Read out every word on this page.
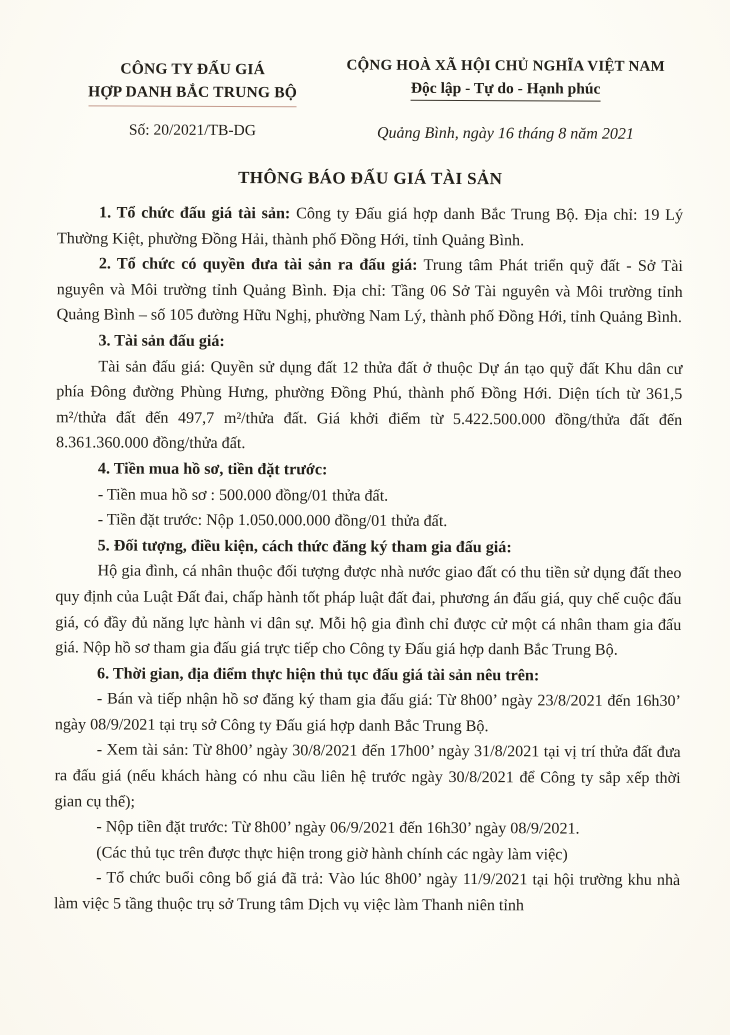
CÔNG TY ĐẤU GIÁ
HỢP DANH BẮC TRUNG BỘ
Số: 20/2021/TB-DG
CỘNG HOÀ XÃ HỘI CHỦ NGHĨA VIỆT NAM
Độc lập - Tự do - Hạnh phúc
Quảng Bình, ngày 16 tháng 8 năm 2021
THÔNG BÁO ĐẤU GIÁ TÀI SẢN

1. Tổ chức đấu giá tài sản: Công ty Đấu giá hợp danh Bắc Trung Bộ. Địa chỉ: 19 Lý Thường Kiệt, phường Đồng Hải, thành phố Đồng Hới, tỉnh Quảng Bình.

2. Tổ chức có quyền đưa tài sản ra đấu giá: Trung tâm Phát triển quỹ đất - Sở Tài nguyên và Môi trường tỉnh Quảng Bình. Địa chỉ: Tầng 06 Sở Tài nguyên và Môi trường tỉnh Quảng Bình – số 105 đường Hữu Nghị, phường Nam Lý, thành phố Đồng Hới, tỉnh Quảng Bình.

3. Tài sản đấu giá:

Tài sản đấu giá: Quyền sử dụng đất 12 thửa đất ở thuộc Dự án tạo quỹ đất Khu dân cư phía Đông đường Phùng Hưng, phường Đồng Phú, thành phố Đồng Hới. Diện tích từ 361,5 m²/thửa đất đến 497,7 m²/thửa đất. Giá khởi điểm từ 5.422.500.000 đồng/thửa đất đến 8.361.360.000 đồng/thửa đất.

4. Tiền mua hồ sơ, tiền đặt trước:

- Tiền mua hồ sơ : 500.000 đồng/01 thửa đất.

- Tiền đặt trước: Nộp 1.050.000.000 đồng/01 thửa đất.

5. Đối tượng, điều kiện, cách thức đăng ký tham gia đấu giá:

Hộ gia đình, cá nhân thuộc đối tượng được nhà nước giao đất có thu tiền sử dụng đất theo quy định của Luật Đất đai, chấp hành tốt pháp luật đất đai, phương án đấu giá, quy chế cuộc đấu giá, có đầy đủ năng lực hành vi dân sự. Mỗi hộ gia đình chỉ được cử một cá nhân tham gia đấu giá. Nộp hồ sơ tham gia đấu giá trực tiếp cho Công ty Đấu giá hợp danh Bắc Trung Bộ.

6. Thời gian, địa điểm thực hiện thủ tục đấu giá tài sản nêu trên:

- Bán và tiếp nhận hồ sơ đăng ký tham gia đấu giá: Từ 8h00’ ngày 23/8/2021 đến 16h30’ ngày 08/9/2021 tại trụ sở Công ty Đấu giá hợp danh Bắc Trung Bộ.

- Xem tài sản: Từ 8h00’ ngày 30/8/2021 đến 17h00’ ngày 31/8/2021 tại vị trí thửa đất đưa ra đấu giá (nếu khách hàng có nhu cầu liên hệ trước ngày 30/8/2021 để Công ty sắp xếp thời gian cụ thể);

- Nộp tiền đặt trước: Từ 8h00’ ngày 06/9/2021 đến 16h30’ ngày 08/9/2021.

(Các thủ tục trên được thực hiện trong giờ hành chính các ngày làm việc)

- Tổ chức buổi công bố giá đã trả: Vào lúc 8h00’ ngày 11/9/2021 tại hội trường khu nhà làm việc 5 tầng thuộc trụ sở Trung tâm Dịch vụ việc làm Thanh niên tỉnh
